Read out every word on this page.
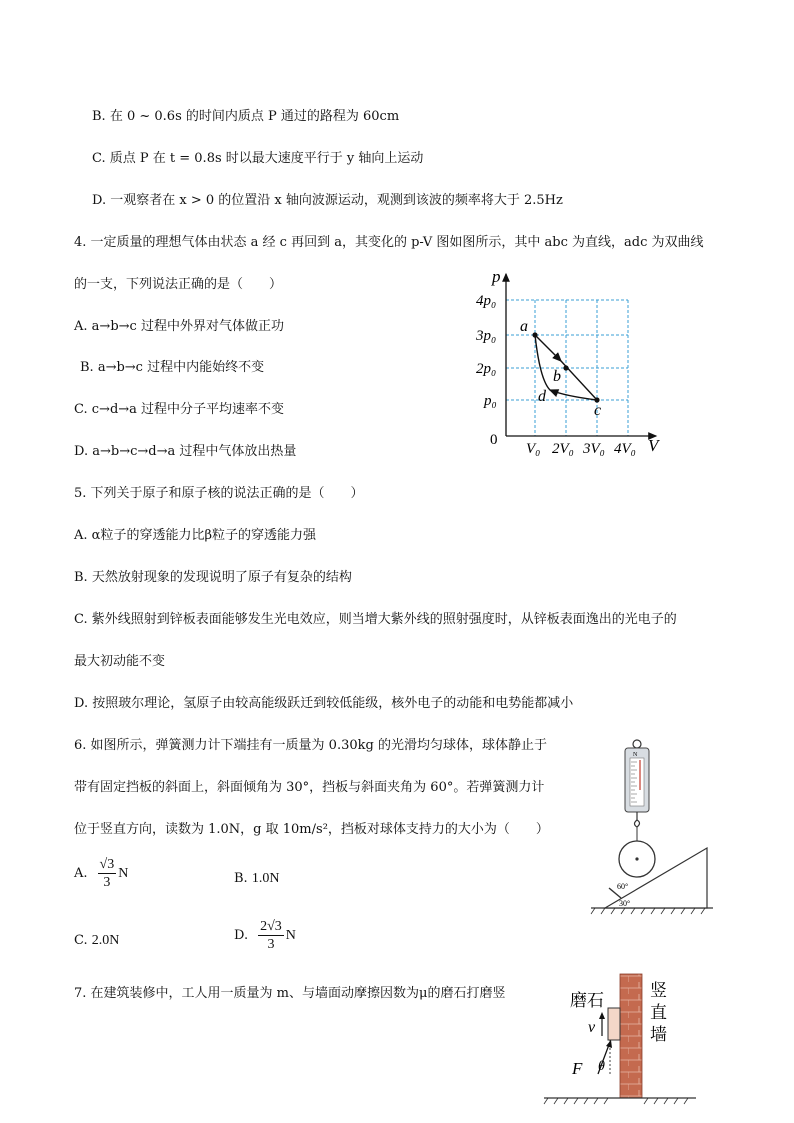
B. 在 0 ~ 0.6s 的时间内质点 P 通过的路程为 60cm
C. 质点 P 在 t = 0.8s 时以最大速度平行于 y 轴向上运动
D. 一观察者在 x > 0 的位置沿 x 轴向波源运动，观测到该波的频率将大于 2.5Hz
4. 一定质量的理想气体由状态 a 经 c 再回到 a，其变化的 p-V 图如图所示，其中 abc 为直线，adc 为双曲线
的一支，下列说法正确的是（　　）
A. a→b→c 过程中外界对气体做正功
B. a→b→c 过程中内能始终不变
C. c→d→a 过程中分子平均速率不变
D. a→b→c→d→a 过程中气体放出热量
p
V
0
4p₀
3p₀
2p₀
p₀
V₀ 2V₀ 3V₀ 4V₀
a
b
c
d
5. 下列关于原子和原子核的说法正确的是（　　）
A. α粒子的穿透能力比β粒子的穿透能力强
B. 天然放射现象的发现说明了原子有复杂的结构
C. 紫外线照射到锌板表面能够发生光电效应，则当增大紫外线的照射强度时，从锌板表面逸出的光电子的
最大初动能不变
D. 按照玻尔理论，氢原子由较高能级跃迁到较低能级，核外电子的动能和电势能都减小
6. 如图所示，弹簧测力计下端挂有一质量为 0.30kg 的光滑均匀球体，球体静止于
带有固定挡板的斜面上，斜面倾角为 30°，挡板与斜面夹角为 60°。若弹簧测力计
位于竖直方向，读数为 1.0N，g 取 10m/s²，挡板对球体支持力的大小为（　　）
A. $\frac{√3}{3}$ N	B. 1.0N
C. 2.0N	D. $\frac{2√3}{3}$ N
N
60°
30°
7. 在建筑装修中，工人用一质量为 m、与墙面动摩擦因数为μ的磨石打磨竖	磨石	竖
直
墙
v
F θ
